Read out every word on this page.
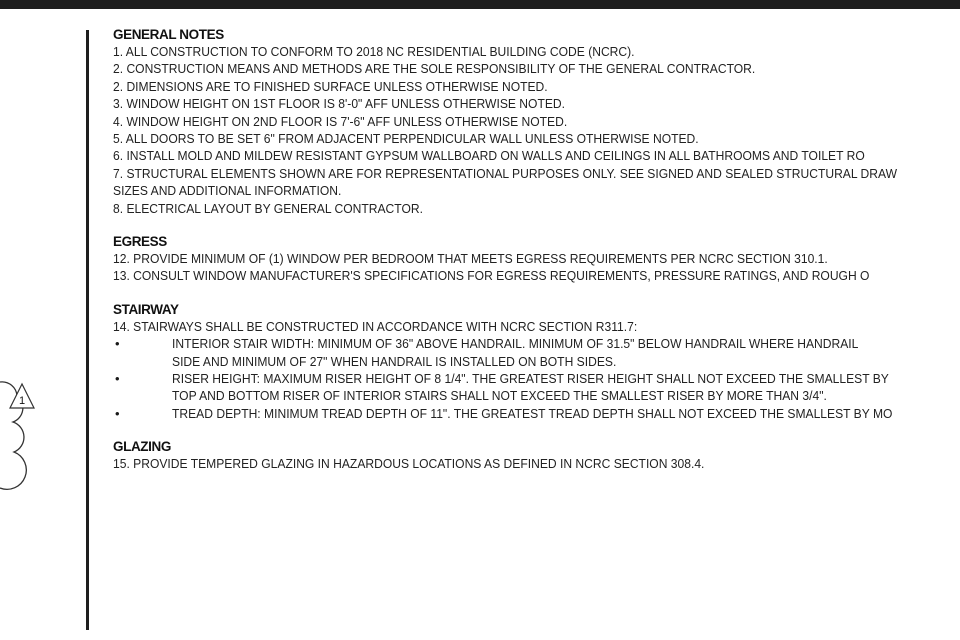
1
GENERAL NOTES
1. ALL CONSTRUCTION TO CONFORM TO 2018 NC RESIDENTIAL BUILDING CODE (NCRC).
2. CONSTRUCTION MEANS AND METHODS ARE THE SOLE RESPONSIBILITY OF THE GENERAL CONTRACTOR.
2. DIMENSIONS ARE TO FINISHED SURFACE UNLESS OTHERWISE NOTED.
3. WINDOW HEIGHT ON 1ST FLOOR IS 8'-0" AFF UNLESS OTHERWISE NOTED.
4. WINDOW HEIGHT ON 2ND FLOOR IS 7'-6" AFF UNLESS OTHERWISE NOTED.
5. ALL DOORS TO BE SET 6" FROM ADJACENT PERPENDICULAR WALL UNLESS OTHERWISE NOTED.
6. INSTALL MOLD AND MILDEW RESISTANT GYPSUM WALLBOARD ON WALLS AND CEILINGS IN ALL BATHROOMS AND TOILET RO
7. STRUCTURAL ELEMENTS SHOWN ARE FOR REPRESENTATIONAL PURPOSES ONLY. SEE SIGNED AND SEALED STRUCTURAL DRAW
SIZES AND ADDITIONAL INFORMATION.
8. ELECTRICAL LAYOUT BY GENERAL CONTRACTOR.
EGRESS
12. PROVIDE MINIMUM OF (1) WINDOW PER BEDROOM THAT MEETS EGRESS REQUIREMENTS PER NCRC SECTION 310.1.
13. CONSULT WINDOW MANUFACTURER'S SPECIFICATIONS FOR EGRESS REQUIREMENTS, PRESSURE RATINGS, AND ROUGH O
STAIRWAY
14. STAIRWAYS SHALL BE CONSTRUCTED IN ACCORDANCE WITH NCRC SECTION R311.7:
•	INTERIOR STAIR WIDTH: MINIMUM OF 36" ABOVE HANDRAIL. MINIMUM OF 31.5" BELOW HANDRAIL WHERE HANDRAIL
SIDE AND MINIMUM OF 27" WHEN HANDRAIL IS INSTALLED ON BOTH SIDES.
•	RISER HEIGHT: MAXIMUM RISER HEIGHT OF 8 1/4". THE GREATEST RISER HEIGHT SHALL NOT EXCEED THE SMALLEST BY
TOP AND BOTTOM RISER OF INTERIOR STAIRS SHALL NOT EXCEED THE SMALLEST RISER BY MORE THAN 3/4".
•	TREAD DEPTH: MINIMUM TREAD DEPTH OF 11". THE GREATEST TREAD DEPTH SHALL NOT EXCEED THE SMALLEST BY MO
GLAZING
15. PROVIDE TEMPERED GLAZING IN HAZARDOUS LOCATIONS AS DEFINED IN NCRC SECTION 308.4.
